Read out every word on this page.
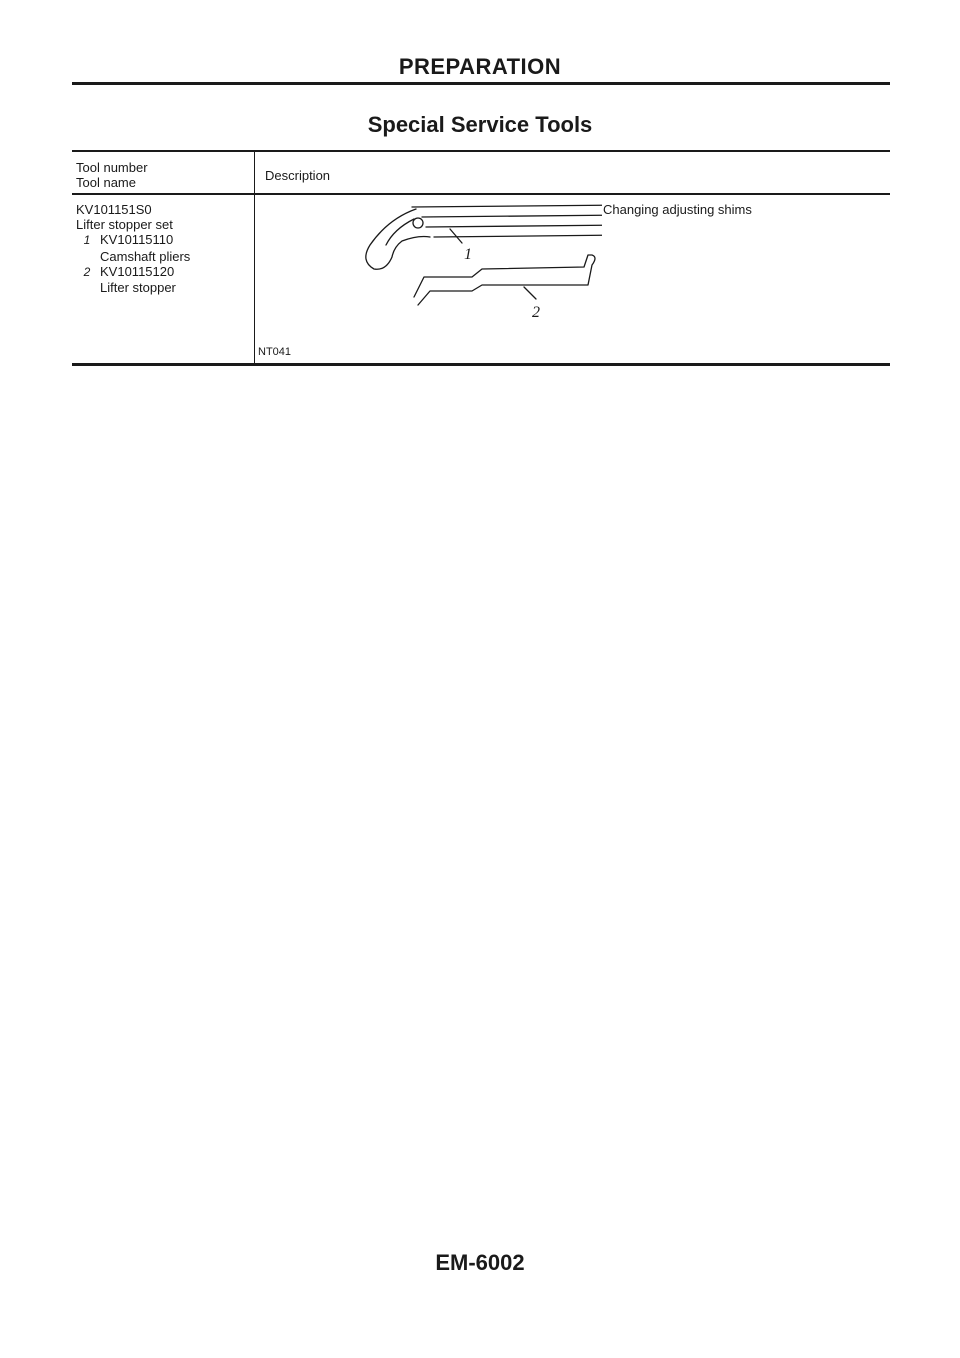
PREPARATION
Special Service Tools
Tool number
Tool name	Description
KV101151S0
Lifter stopper set
1 KV10115110
Camshaft pliers
2 KV10115120
Lifter stopper
1
2
NT041
Changing adjusting shims
EM-6002
